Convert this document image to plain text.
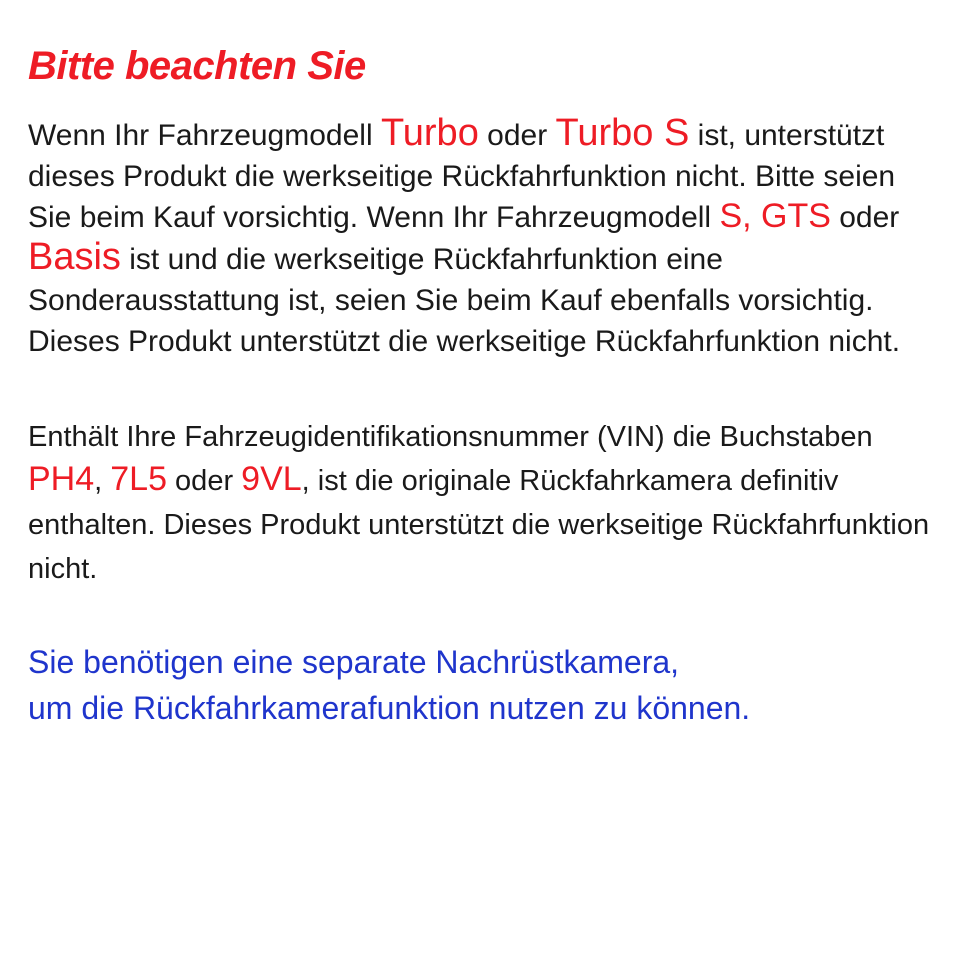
Bitte beachten Sie

Wenn Ihr Fahrzeugmodell Turbo oder Turbo S ist, unterstützt dieses Produkt die werkseitige Rückfahrfunktion nicht. Bitte seien Sie beim Kauf vorsichtig. Wenn Ihr Fahrzeugmodell S, GTS oder Basis ist und die werkseitige Rückfahrfunktion eine Sonderausstattung ist, seien Sie beim Kauf ebenfalls vorsichtig. Dieses Produkt unterstützt die werkseitige Rückfahrfunktion nicht.

Enthält Ihre Fahrzeugidentifikationsnummer (VIN) die Buchstaben PH4, 7L5 oder 9VL, ist die originale Rückfahrkamera definitiv enthalten. Dieses Produkt unterstützt die werkseitige Rückfahrfunktion nicht.

Sie benötigen eine separate Nachrüstkamera,
um die Rückfahrkamerafunktion nutzen zu können.
